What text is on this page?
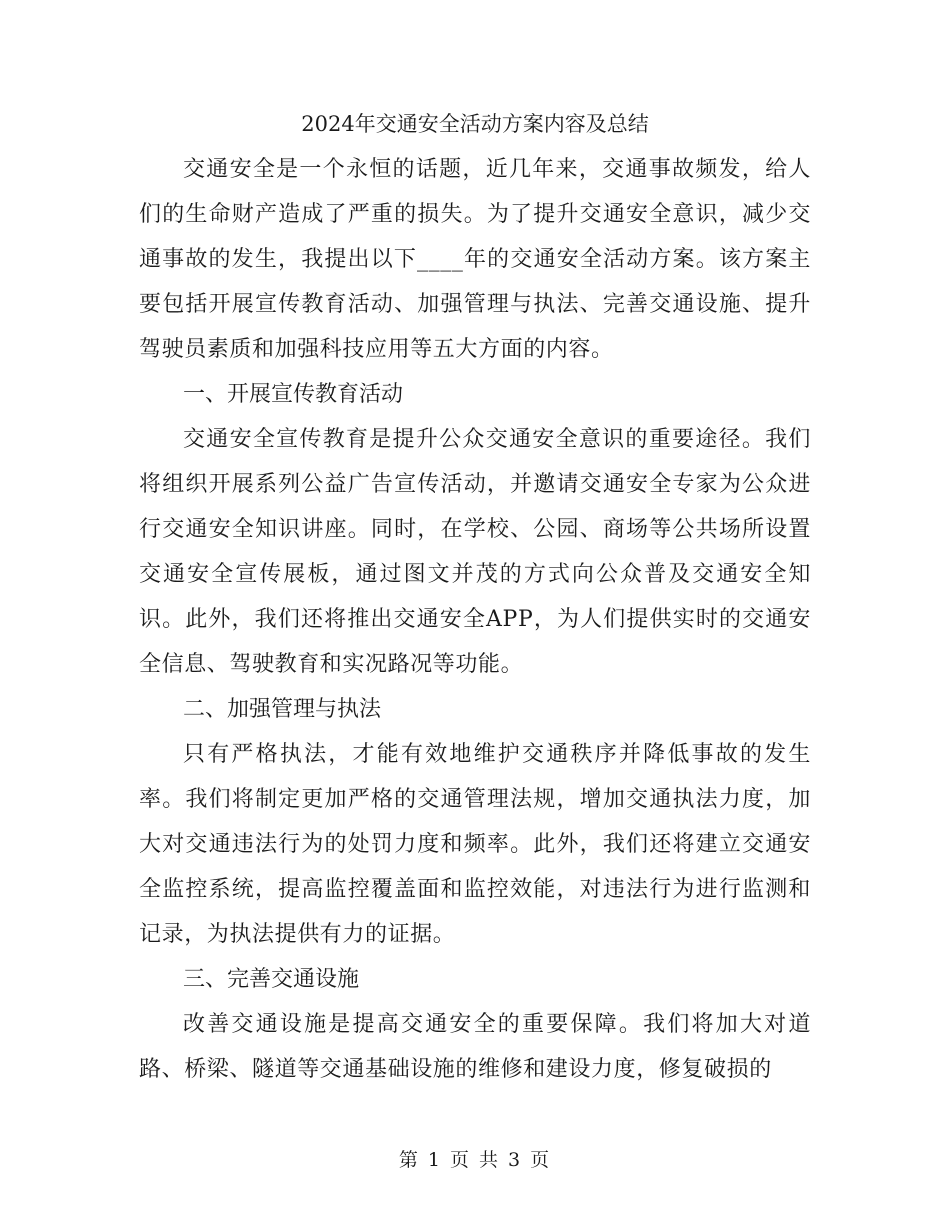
2024年交通安全活动方案内容及总结

交通安全是一个永恒的话题，近几年来，交通事故频发，给人们的生命财产造成了严重的损失。为了提升交通安全意识，减少交通事故的发生，我提出以下____年的交通安全活动方案。该方案主要包括开展宣传教育活动、加强管理与执法、完善交通设施、提升驾驶员素质和加强科技应用等五大方面的内容。

一、开展宣传教育活动

交通安全宣传教育是提升公众交通安全意识的重要途径。我们将组织开展系列公益广告宣传活动，并邀请交通安全专家为公众进行交通安全知识讲座。同时，在学校、公园、商场等公共场所设置交通安全宣传展板，通过图文并茂的方式向公众普及交通安全知识。此外，我们还将推出交通安全APP，为人们提供实时的交通安全信息、驾驶教育和实况路况等功能。

二、加强管理与执法

只有严格执法，才能有效地维护交通秩序并降低事故的发生率。我们将制定更加严格的交通管理法规，增加交通执法力度，加大对交通违法行为的处罚力度和频率。此外，我们还将建立交通安全监控系统，提高监控覆盖面和监控效能，对违法行为进行监测和记录，为执法提供有力的证据。

三、完善交通设施

改善交通设施是提高交通安全的重要保障。我们将加大对道路、桥梁、隧道等交通基础设施的维修和建设力度，修复破损的

第 1 页 共 3 页
